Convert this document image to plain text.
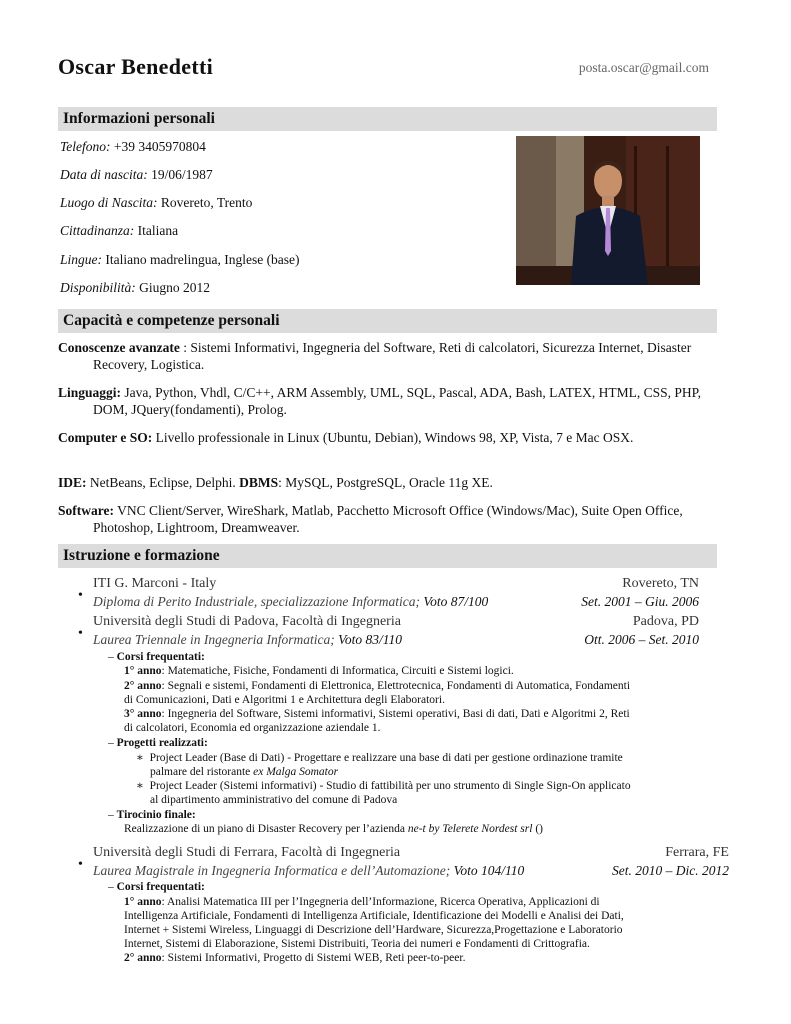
Oscar Benedetti	posta.oscar@gmail.com
Informazioni personali
Telefono: +39 3405970804
Data di nascita: 19/06/1987
Luogo di Nascita: Rovereto, Trento
Cittadinanza: Italiana
Lingue: Italiano madrelingua, Inglese (base)
Disponibilità: Giugno 2012
Capacità e competenze personali
Conoscenze avanzate : Sistemi Informativi, Ingegneria del Software, Reti di calcolatori, Sicurezza Internet, Disaster Recovery, Logistica.
Linguaggi: Java, Python, Vhdl, C/C++, ARM Assembly, UML, SQL, Pascal, ADA, Bash, LATEX, HTML, CSS, PHP, DOM, JQuery(fondamenti), Prolog.
Computer e SO: Livello professionale in Linux (Ubuntu, Debian), Windows 98, XP, Vista, 7 e Mac OSX.
IDE: NetBeans, Eclipse, Delphi. DBMS: MySQL, PostgreSQL, Oracle 11g XE.
Software: VNC Client/Server, WireShark, Matlab, Pacchetto Microsoft Office (Windows/Mac), Suite Open Office, Photoshop, Lightroom, Dreamweaver.
Istruzione e formazione
•
ITI G. Marconi - Italy	Rovereto, TN
Diploma di Perito Industriale, specializzazione Informatica; Voto 87/100	Set. 2001 – Giu. 2006
•
Università degli Studi di Padova, Facoltà di Ingegneria	Padova, PD
Laurea Triennale in Ingegneria Informatica; Voto 83/110	Ott. 2006 – Set. 2010
– Corsi frequentati:
1° anno: Matematiche, Fisiche, Fondamenti di Informatica, Circuiti e Sistemi logici.
2° anno: Segnali e sistemi, Fondamenti di Elettronica, Elettrotecnica, Fondamenti di Automatica, Fondamenti
di Comunicazioni, Dati e Algoritmi 1 e Architettura degli Elaboratori.
3° anno: Ingegneria del Software, Sistemi informativi, Sistemi operativi, Basi di dati, Dati e Algoritmi 2, Reti
di calcolatori, Economia ed organizzazione aziendale 1.
– Progetti realizzati:
∗  Project Leader (Base di Dati) - Progettare e realizzare una base di dati per gestione ordinazione tramite
palmare del ristorante ex Malga Somator
∗  Project Leader (Sistemi informativi) - Studio di fattibilità per uno strumento di Single Sign-On applicato
al dipartimento amministrativo del comune di Padova
– Tirocinio finale:
Realizzazione di un piano di Disaster Recovery per l’azienda ne-t by Telerete Nordest srl ()
•
Università degli Studi di Ferrara, Facoltà di Ingegneria	Ferrara, FE
Laurea Magistrale in Ingegneria Informatica e dell’Automazione; Voto 104/110	Set. 2010 – Dic. 2012
– Corsi frequentati:
1° anno: Analisi Matematica III per l’Ingegneria dell’Informazione, Ricerca Operativa, Applicazioni di
Intelligenza Artificiale, Fondamenti di Intelligenza Artificiale, Identificazione dei Modelli e Analisi dei Dati,
Internet + Sistemi Wireless, Linguaggi di Descrizione dell’Hardware, Sicurezza,Progettazione e Laboratorio
Internet, Sistemi di Elaborazione, Sistemi Distribuiti, Teoria dei numeri e Fondamenti di Crittografia.
2° anno: Sistemi Informativi, Progetto di Sistemi WEB, Reti peer-to-peer.
